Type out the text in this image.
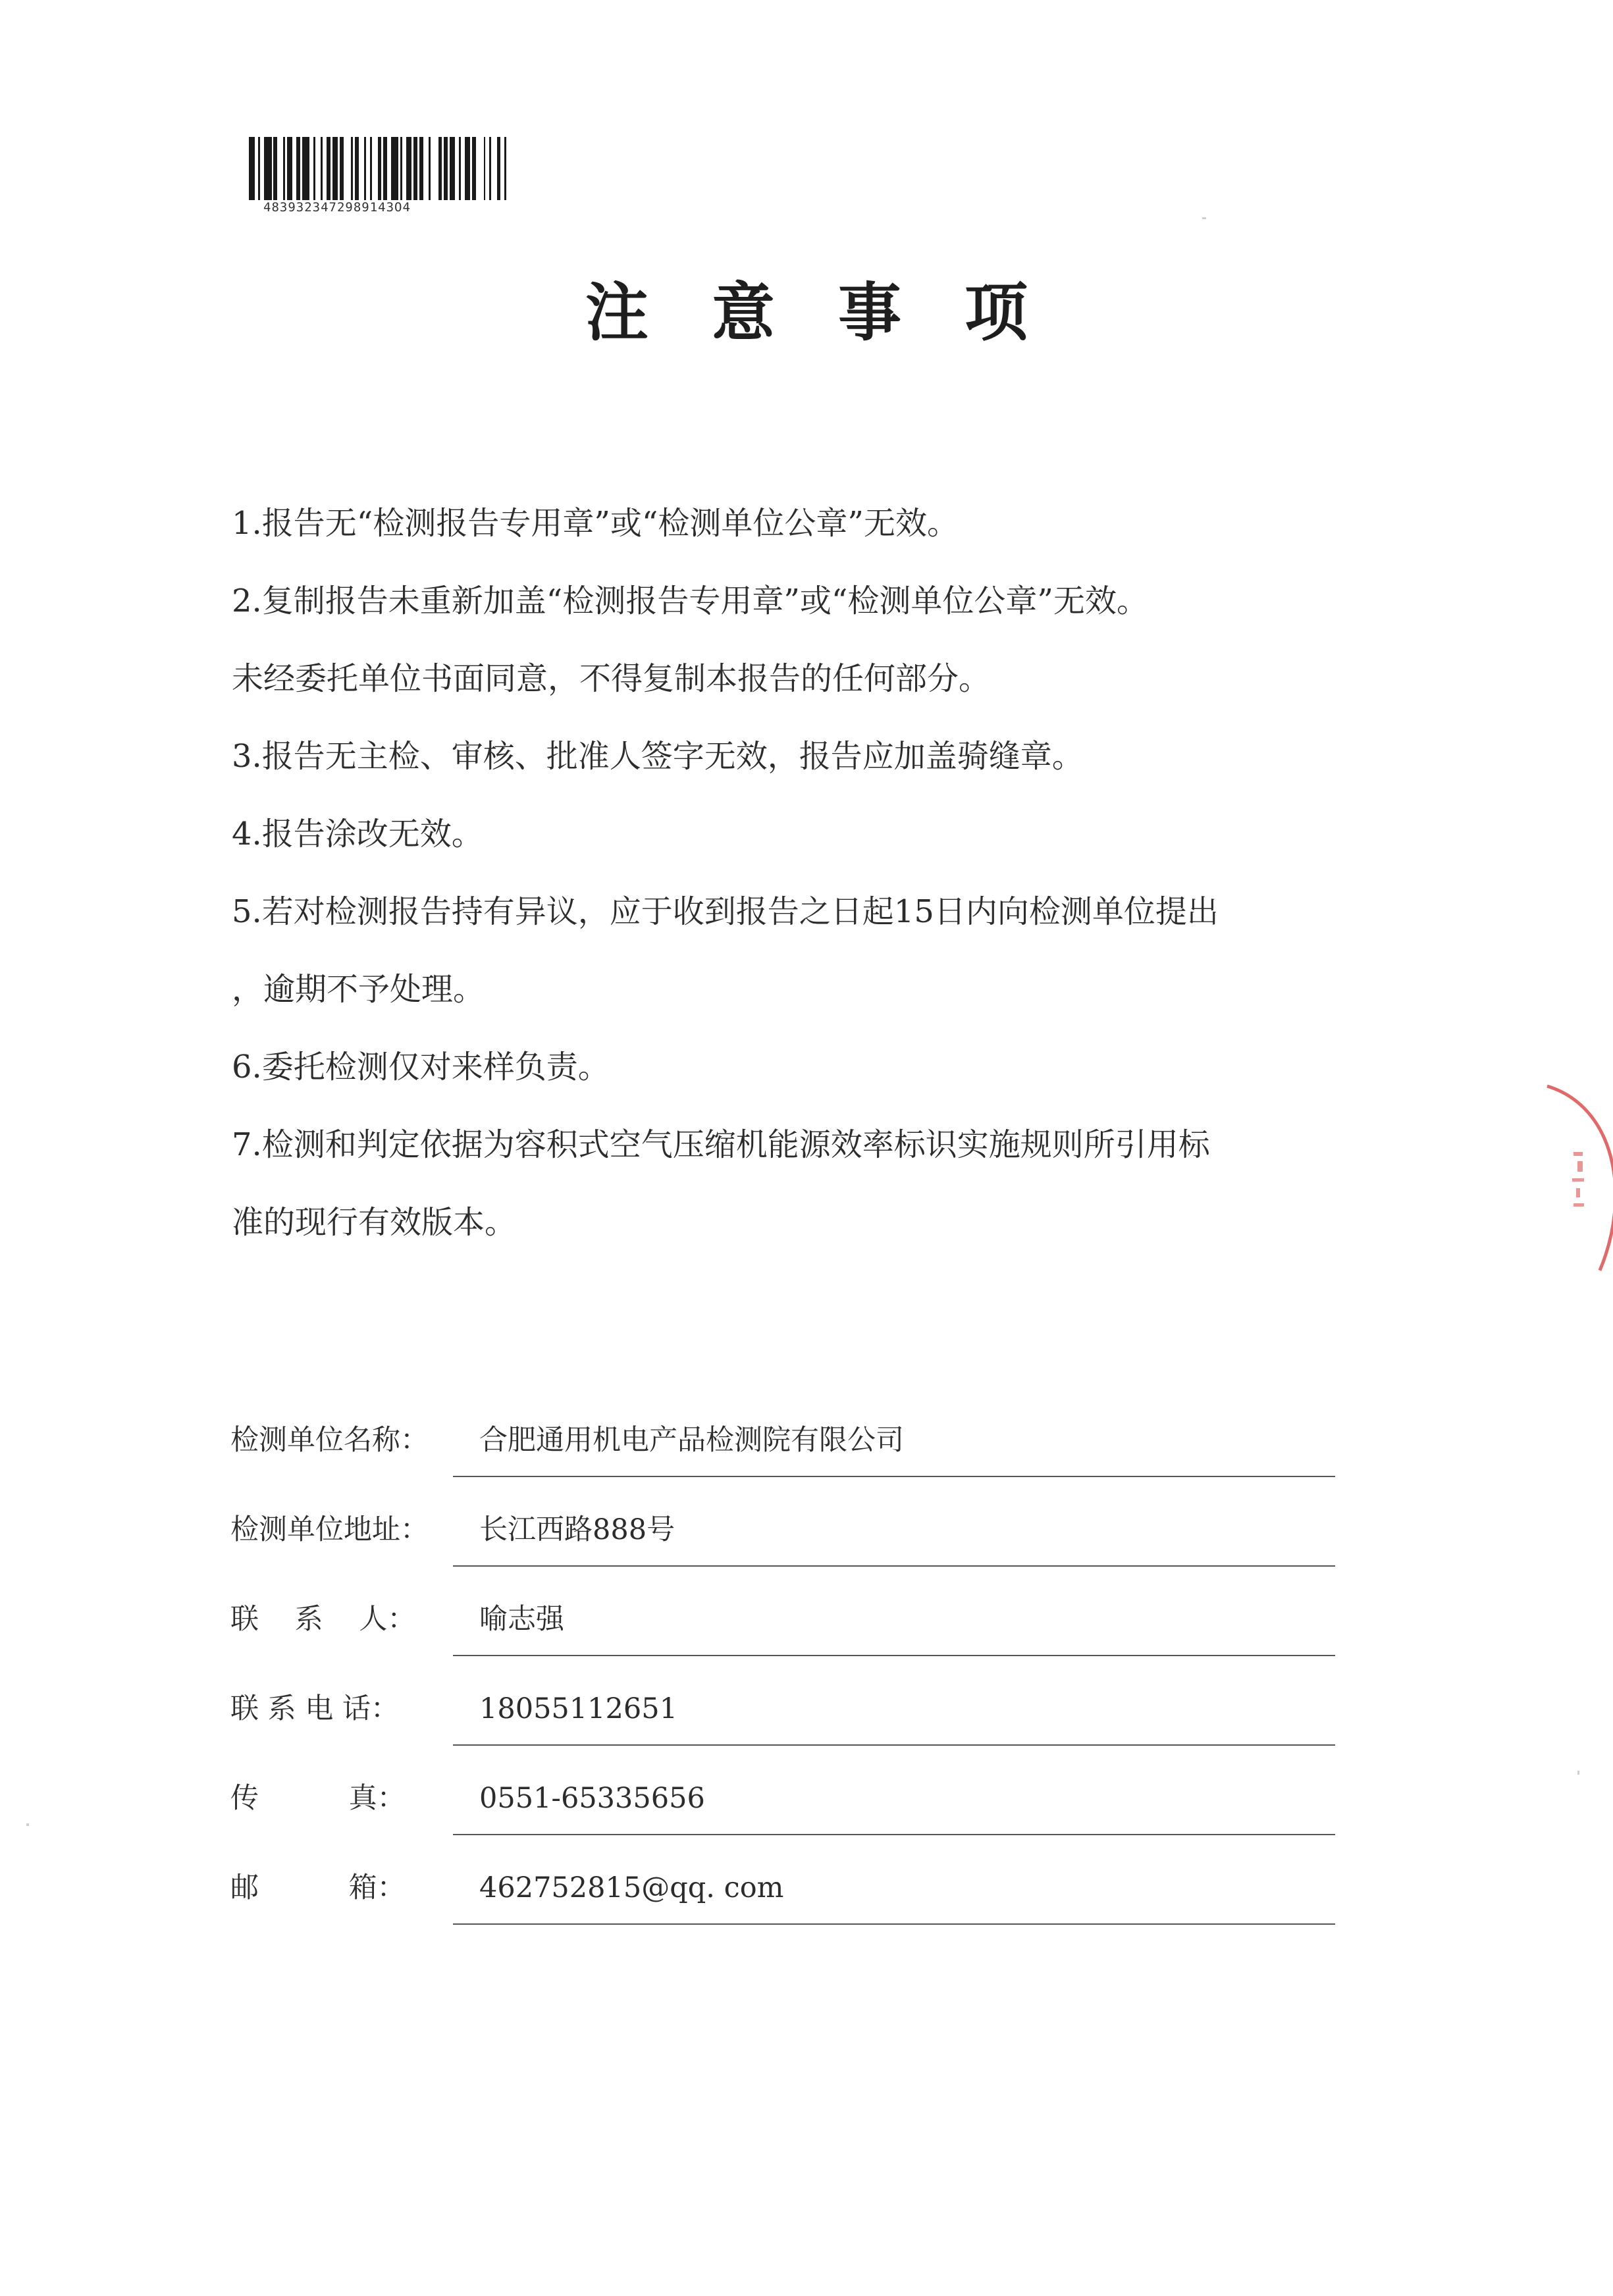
4839323472989143O4
注意事项
1.报告无“检测报告专用章”或“检测单位公章”无效。
2.复制报告未重新加盖“检测报告专用章”或“检测单位公章”无效。
未经委托单位书面同意，不得复制本报告的任何部分。
3.报告无主检、审核、批准人签字无效，报告应加盖骑缝章。
4.报告涂改无效。
5.若对检测报告持有异议，应于收到报告之日起15日内向检测单位提出
，逾期不予处理。
6.委托检测仅对来样负责。
7.检测和判定依据为容积式空气压缩机能源效率标识实施规则所引用标
准的现行有效版本。
检测单位名称：	合肥通用机电产品检测院有限公司
检测单位地址：	长江西路888号
联    系    人：	喻志强
联 系 电 话：	18055112651
传          真：	0551-65335656
邮          箱：	462752815@qq. com
